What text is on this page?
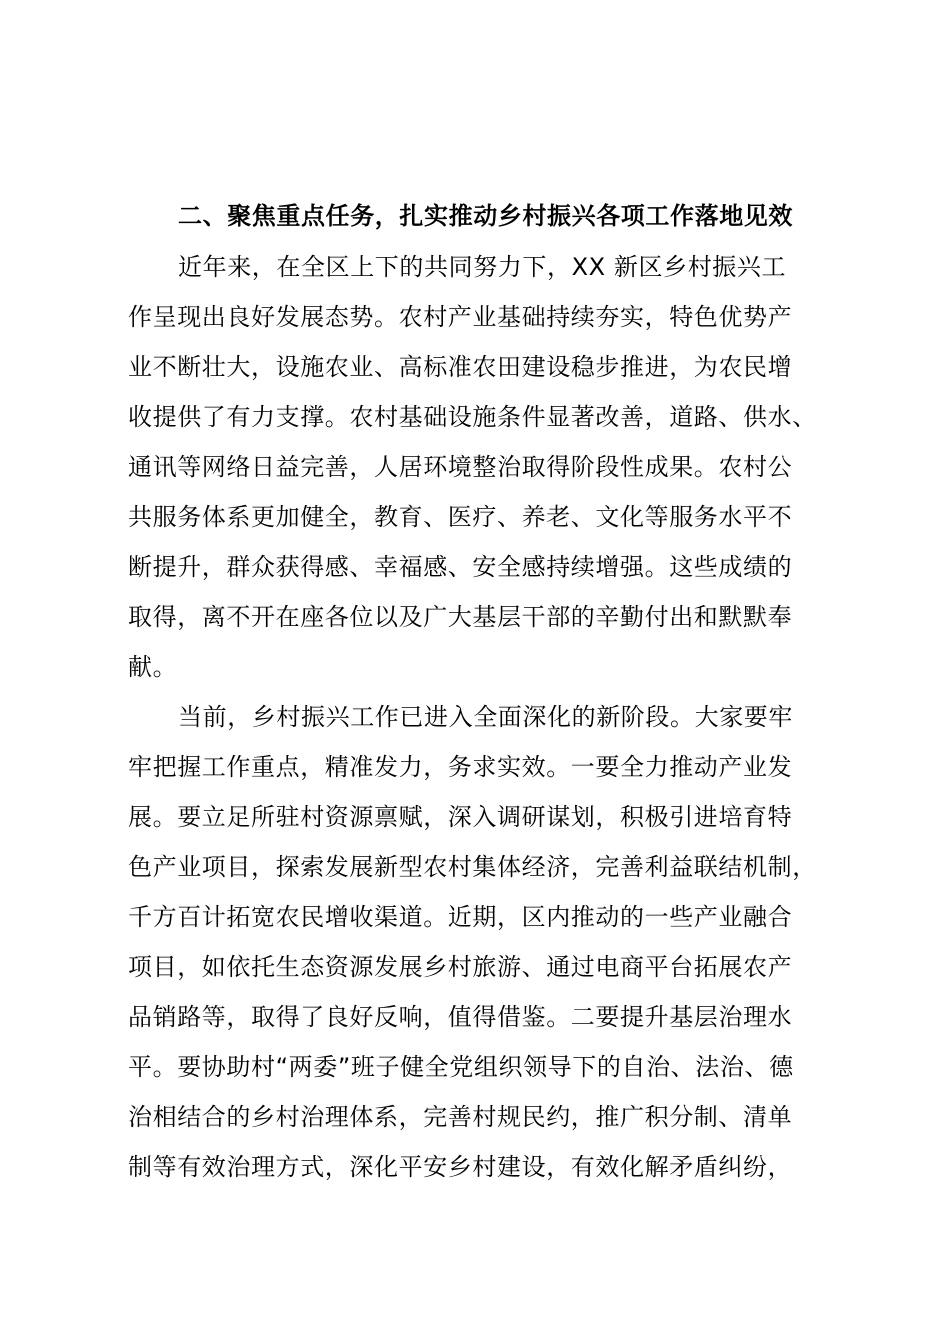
二、聚焦重点任务，扎实推动乡村振兴各项工作落地见效
近年来，在全区上下的共同努力下，XX 新区乡村振兴工
作呈现出良好发展态势。农村产业基础持续夯实，特色优势产
业不断壮大，设施农业、高标准农田建设稳步推进，为农民增
收提供了有力支撑。农村基础设施条件显著改善，道路、供水、
通讯等网络日益完善，人居环境整治取得阶段性成果。农村公
共服务体系更加健全，教育、医疗、养老、文化等服务水平不
断提升，群众获得感、幸福感、安全感持续增强。这些成绩的
取得，离不开在座各位以及广大基层干部的辛勤付出和默默奉
献。
当前，乡村振兴工作已进入全面深化的新阶段。大家要牢
牢把握工作重点，精准发力，务求实效。一要全力推动产业发
展。要立足所驻村资源禀赋，深入调研谋划，积极引进培育特
色产业项目，探索发展新型农村集体经济，完善利益联结机制，
千方百计拓宽农民增收渠道。近期，区内推动的一些产业融合
项目，如依托生态资源发展乡村旅游、通过电商平台拓展农产
品销路等，取得了良好反响，值得借鉴。二要提升基层治理水
平。要协助村“两委”班子健全党组织领导下的自治、法治、德
治相结合的乡村治理体系，完善村规民约，推广积分制、清单
制等有效治理方式，深化平安乡村建设，有效化解矛盾纠纷，
